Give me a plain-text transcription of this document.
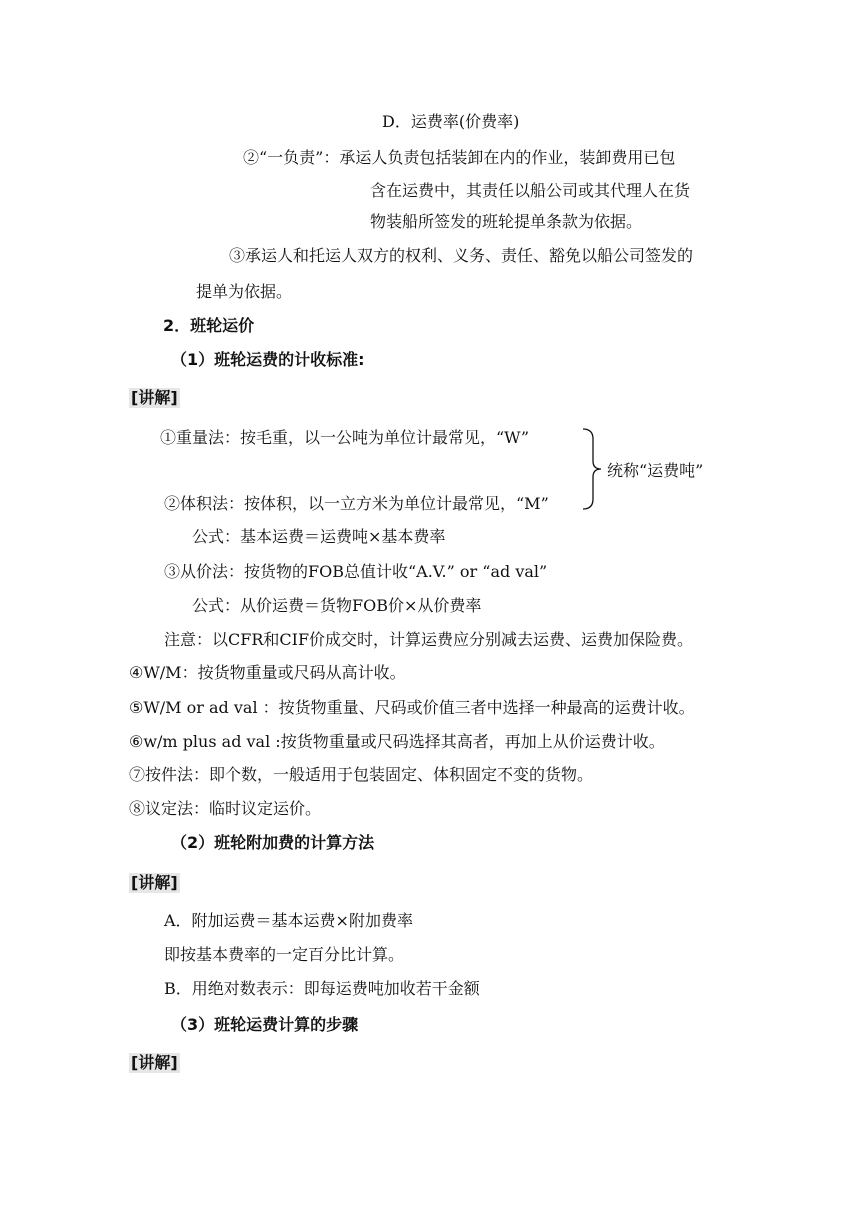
D．运费率(价费率)
②“一负责”：承运人负责包括装卸在内的作业，装卸费用已包
含在运费中，其责任以船公司或其代理人在货
物装船所签发的班轮提单条款为依据。
③承运人和托运人双方的权利、义务、责任、豁免以船公司签发的
提单为依据。
2．班轮运价
（1）班轮运费的计收标准:
[讲解]
①重量法：按毛重，以一公吨为单位计最常见，“W”
统称“运费吨”
②体积法：按体积，以一立方米为单位计最常见，“M”
公式：基本运费＝运费吨×基本费率
③从价法：按货物的FOB总值计收“A.V.” or “ad val”
公式：从价运费＝货物FOB价×从价费率
注意：以CFR和CIF价成交时，计算运费应分别减去运费、运费加保险费。
④W/M：按货物重量或尺码从高计收。
⑤W/M or ad val ：按货物重量、尺码或价值三者中选择一种最高的运费计收。
⑥w/m plus ad val :按货物重量或尺码选择其高者，再加上从价运费计收。
⑦按件法：即个数，一般适用于包装固定、体积固定不变的货物。
⑧议定法：临时议定运价。
（2）班轮附加费的计算方法
[讲解]
A．附加运费＝基本运费×附加费率
即按基本费率的一定百分比计算。
B．用绝对数表示：即每运费吨加收若干金额
（3）班轮运费计算的步骤
[讲解]
